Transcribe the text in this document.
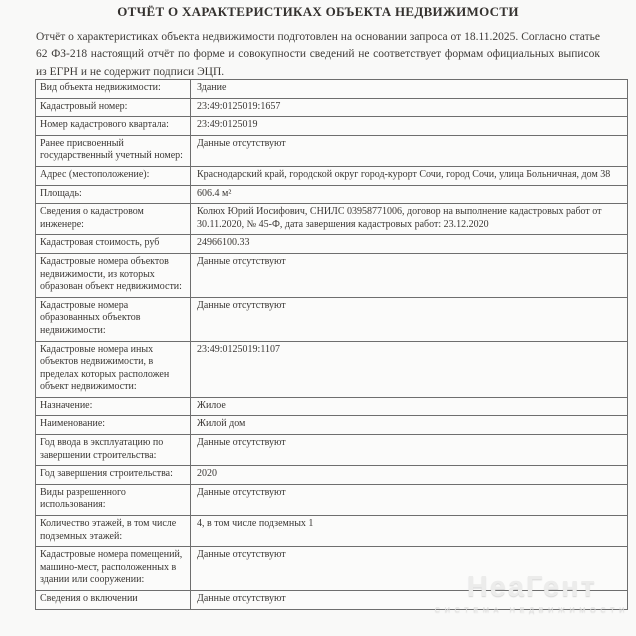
ОТЧЁТ О ХАРАКТЕРИСТИКАХ ОБЪЕКТА НЕДВИЖИМОСТИ

Отчёт о характеристиках объекта недвижимости подготовлен на основании запроса от 18.11.2025. Согласно статье 62 ФЗ-218 настоящий отчёт по форме и совокупности сведений не соответствует формам официальных выписок из ЕГРН и не содержит подписи ЭЦП.

Вид объекта недвижимости:	Здание
Кадастровый номер:	23:49:0125019:1657
Номер кадастрового квартала:	23:49:0125019
Ранее присвоенный государственный учетный номер:
Данные отсутствуют
Адрес (местоположение):	Краснодарский край, городской округ город-курорт Сочи, город Сочи, улица Больничная, дом 38
Площадь:	606.4 м²
Сведения о кадастровом инженере:
Колюх Юрий Иосифович, СНИЛС 03958771006, договор на выполнение кадастровых работ от 30.11.2020, № 45-Ф, дата завершения кадастровых работ: 23.12.2020
Кадастровая стоимость, руб	24966100.33
Кадастровые номера объектов недвижимости, из которых образован объект недвижимости:
Данные отсутствуют
Кадастровые номера образованных объектов недвижимости:
Данные отсутствуют
Кадастровые номера иных объектов недвижимости, в пределах которых расположен объект недвижимости:
23:49:0125019:1107
Назначение:	Жилое
Наименование:	Жилой дом
Год ввода в эксплуатацию по завершении строительства:
Данные отсутствуют
Год завершения строительства:	2020
Виды разрешенного использования:
Данные отсутствуют
Количество этажей, в том числе подземных этажей:
4, в том числе подземных 1
Кадастровые номера помещений, машино-мест, расположенных в здании или сооружении:
Данные отсутствуют
Сведения о включении	Данные отсутствуют	НеаГент
СИСТЕМА НЕДВИЖИМОСТИ
